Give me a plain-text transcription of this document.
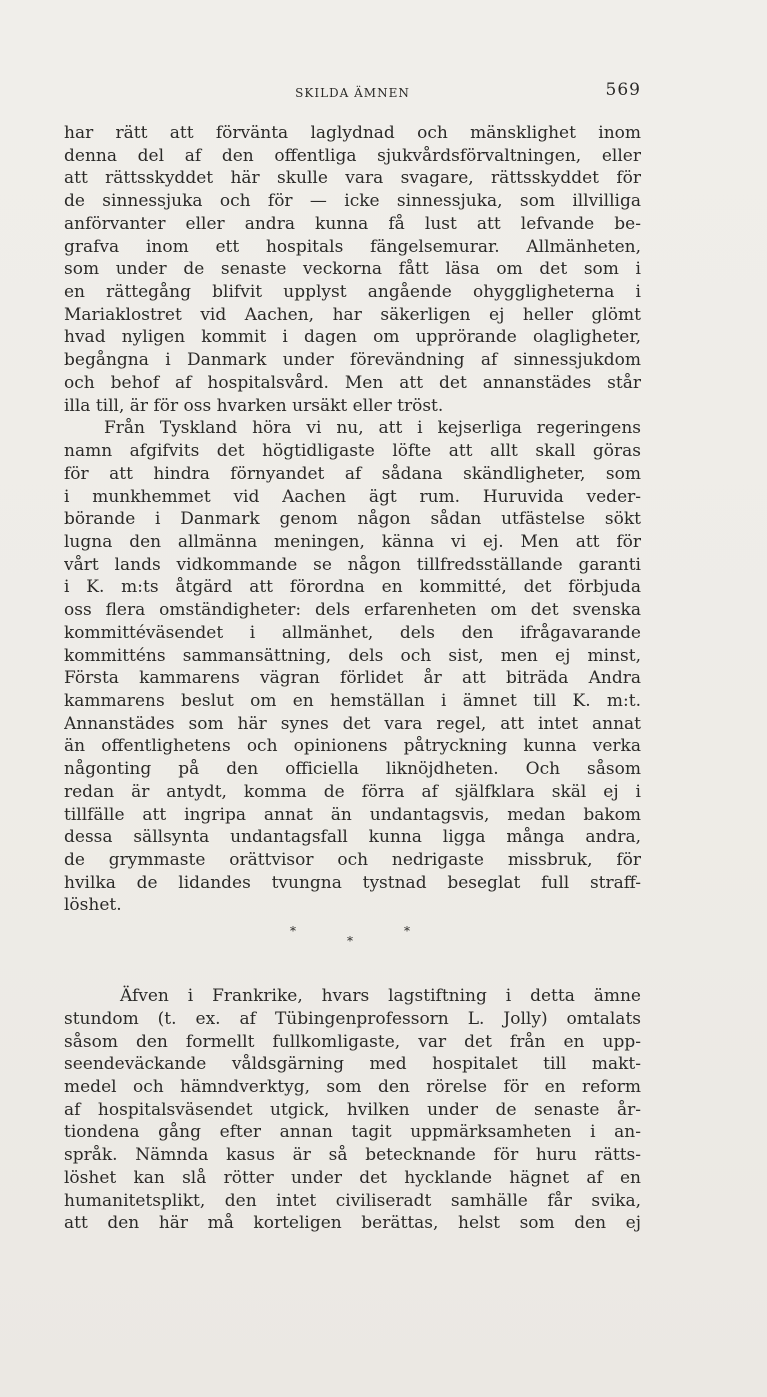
SKILDA ÄMNEN	569
har rätt att förvänta laglydnad och mänsklighet inom
denna del af den offentliga sjukvårdsförvaltningen, eller
att rättsskyddet här skulle vara svagare, rättsskyddet för
de sinnessjuka och för — icke sinnessjuka, som illvilliga
anförvanter eller andra kunna få lust att lefvande be-
grafva inom ett hospitals fängelsemurar. Allmänheten,
som under de senaste veckorna fått läsa om det som i
en rättegång blifvit upplyst angående ohyggligheterna i
Mariaklostret vid Aachen, har säkerligen ej heller glömt
hvad nyligen kommit i dagen om upprörande olagligheter,
begångna i Danmark under förevändning af sinnessjukdom
och behof af hospitalsvård. Men att det annanstädes står
illa till, är för oss hvarken ursäkt eller tröst.
Från Tyskland höra vi nu, att i kejserliga regeringens
namn afgifvits det högtidligaste löfte att allt skall göras
för att hindra förnyandet af sådana skändligheter, som
i munkhemmet vid Aachen ägt rum. Huruvida veder-
börande i Danmark genom någon sådan utfästelse sökt
lugna den allmänna meningen, känna vi ej. Men att för
vårt lands vidkommande se någon tillfredsställande garanti
i K. m:ts åtgärd att förordna en kommitté, det förbjuda
oss flera omständigheter: dels erfarenheten om det svenska
kommittéväsendet i allmänhet, dels den ifrågavarande
kommitténs sammansättning, dels och sist, men ej minst,
Första kammarens vägran förlidet år att biträda Andra
kammarens beslut om en hemställan i ämnet till K. m:t.
Annanstädes som här synes det vara regel, att intet annat
än offentlighetens och opinionens påtryckning kunna verka
någonting på den officiella liknöjdheten. Och såsom
redan är antydt, komma de förra af själfklara skäl ej i
tillfälle att ingripa annat än undantagsvis, medan bakom
dessa sällsynta undantagsfall kunna ligga många andra,
de grymmaste orättvisor och nedrigaste missbruk, för
hvilka de lidandes tvungna tystnad beseglat full straff-
löshet.
*	*
*
Äfven i Frankrike, hvars lagstiftning i detta ämne
stundom (t. ex. af Tübingenprofessorn L. Jolly) omtalats
såsom den formellt fullkomligaste, var det från en upp-
seendeväckande våldsgärning med hospitalet till makt-
medel och hämndverktyg, som den rörelse för en reform
af hospitalsväsendet utgick, hvilken under de senaste år-
tiondena gång efter annan tagit uppmärksamheten i an-
språk. Nämnda kasus är så betecknande för huru rätts-
löshet kan slå rötter under det hycklande hägnet af en
humanitetsplikt, den intet civiliseradt samhälle får svika,
att den här må korteligen berättas, helst som den ej
